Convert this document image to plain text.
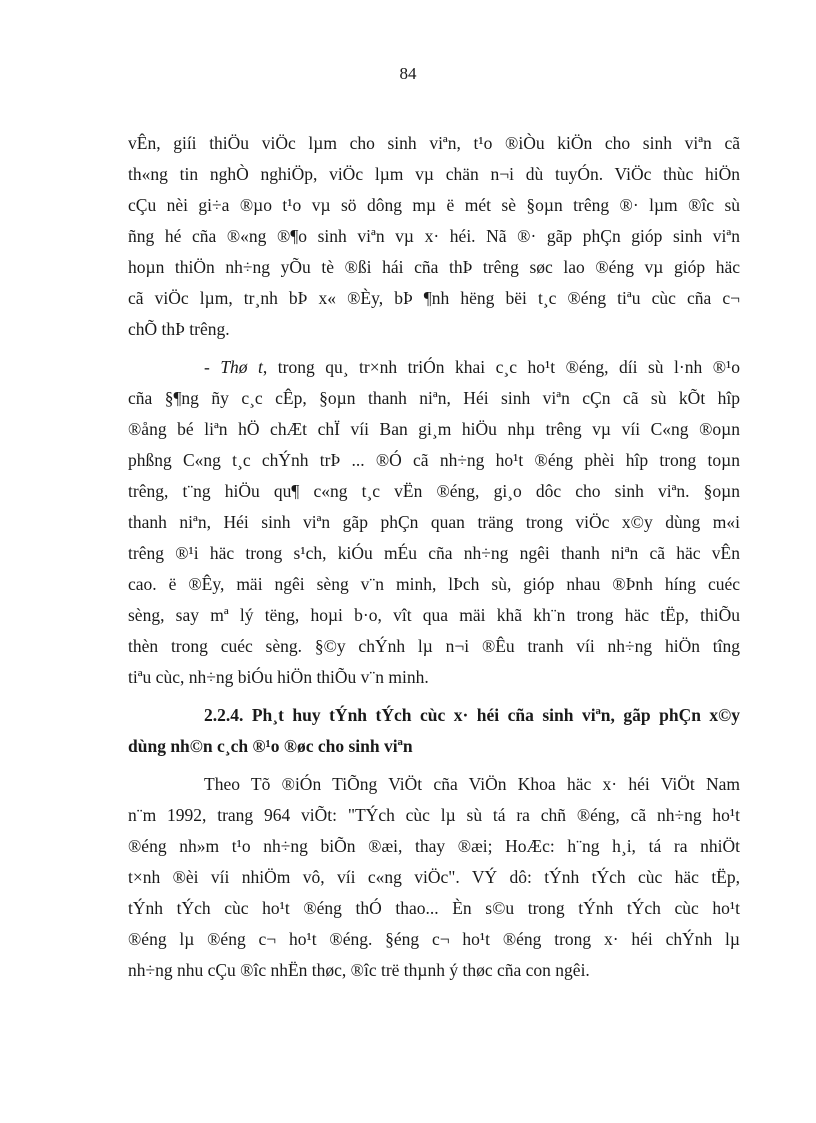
84
vÊn, giíi thiÖu viÖc lµm cho sinh viªn, t¹o ®iÒu kiÖn cho sinh viªn cã
th«ng tin nghÒ nghiÖp, viÖc lµm vµ chän n¬i dù tuyÓn. ViÖc thùc hiÖn
cÇu nèi gi÷a ®µo t¹o vµ sö dông mµ ë mét sè §oµn trêng ®· lµm ®îc sù
ñng hé cña ®«ng ®¶o sinh viªn vµ x· héi. Nã ®· gãp phÇn gióp sinh viªn
hoµn thiÖn nh÷ng yÕu tè ®ßi hái cña thÞ trêng søc lao ®éng vµ gióp häc
cã viÖc lµm, tr¸nh bÞ x« ®Èy, bÞ ¶nh hëng bëi t¸c ®éng tiªu cùc cña c¬
chÕ thÞ trêng.
- Thø t, trong qu¸ tr×nh triÓn khai c¸c ho¹t ®éng, díi sù l·nh ®¹o
cña §¶ng ñy c¸c cÊp, §oµn thanh niªn, Héi sinh viªn cÇn cã sù kÕt hîp
®ång bé liªn hÖ chÆt chÏ víi Ban gi¸m hiÖu nhµ trêng vµ víi C«ng ®oµn
phßng C«ng t¸c chÝnh trÞ ... ®Ó cã nh÷ng ho¹t ®éng phèi hîp trong toµn
trêng, t¨ng hiÖu qu¶ c«ng t¸c vËn ®éng, gi¸o dôc cho sinh viªn. §oµn
thanh niªn, Héi sinh viªn gãp phÇn quan träng trong viÖc x©y dùng m«i
trêng ®¹i häc trong s¹ch, kiÓu mÉu cña nh÷ng ngêi thanh niªn cã häc vÊn
cao. ë ®Êy, mäi ngêi sèng v¨n minh, lÞch sù, gióp nhau ®Þnh híng cuéc
sèng, say mª lý tëng, hoµi b·o, vît qua mäi khã kh¨n trong häc tËp, thiÕu
thèn trong cuéc sèng. §©y chÝnh lµ n¬i ®Êu tranh víi nh÷ng hiÖn tîng
tiªu cùc, nh÷ng biÓu hiÖn thiÕu v¨n minh.
2.2.4. Ph¸t huy tÝnh tÝch cùc x· héi cña sinh viªn, gãp phÇn x©y
dùng nh©n c¸ch ®¹o ®øc cho sinh viªn
Theo Tõ ®iÓn TiÕng ViÖt cña ViÖn Khoa häc x· héi ViÖt Nam
n¨m 1992, trang 964 viÕt: "TÝch cùc lµ sù tá ra chñ ®éng, cã nh÷ng ho¹t
®éng nh»m t¹o nh÷ng biÕn ®æi, thay ®æi; HoÆc: h¨ng h¸i, tá ra nhiÖt
t×nh ®èi víi nhiÖm vô, víi c«ng viÖc". VÝ dô: tÝnh tÝch cùc häc tËp,
tÝnh tÝch cùc ho¹t ®éng thÓ thao... Èn s©u trong tÝnh tÝch cùc ho¹t
®éng lµ ®éng c¬ ho¹t ®éng. §éng c¬ ho¹t ®éng trong x· héi chÝnh lµ
nh÷ng nhu cÇu ®îc nhËn thøc, ®îc trë thµnh ý thøc cña con ngêi.
